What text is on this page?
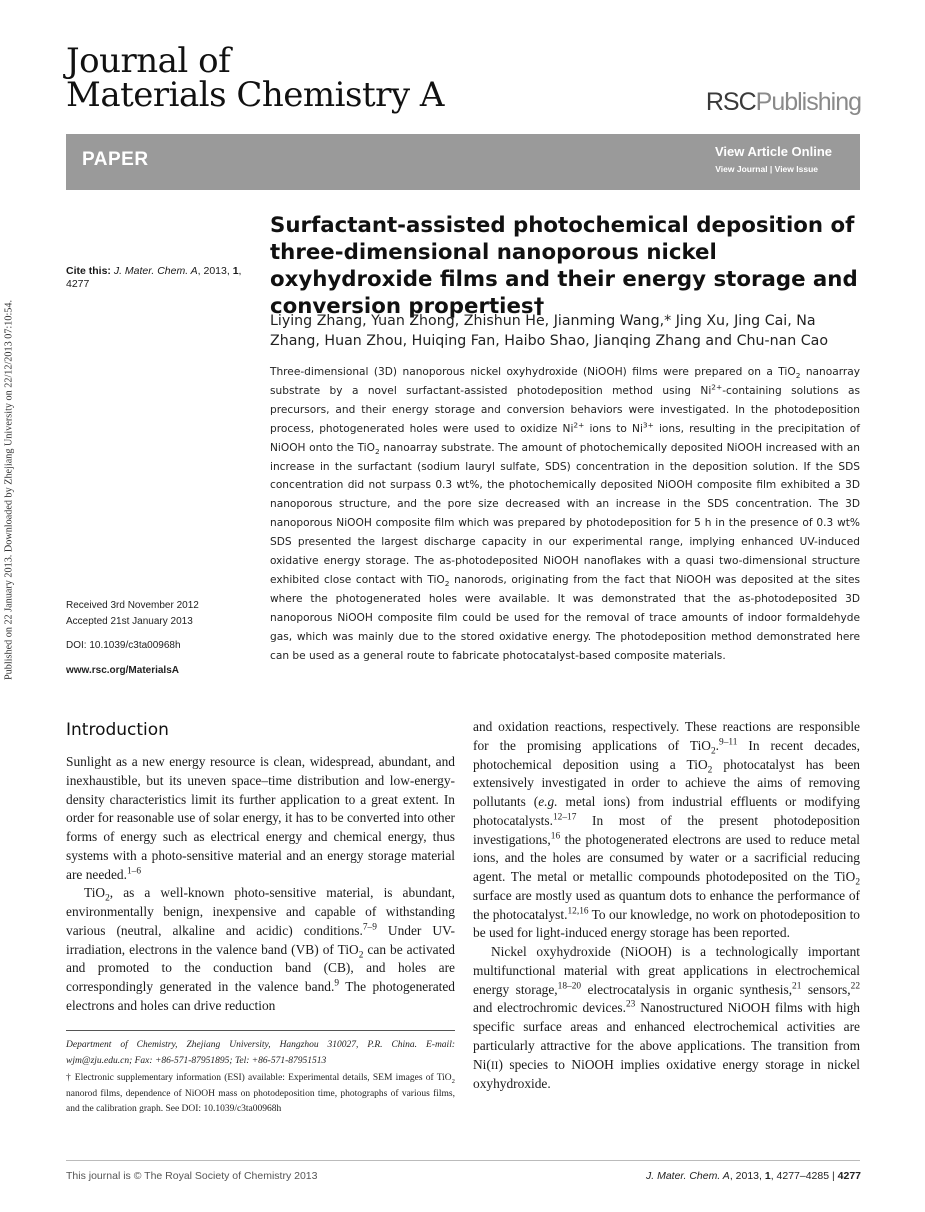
Published on 22 January 2013. Downloaded by Zhejiang University on 22/12/2013 07:10:54.
Journal of
Materials Chemistry A	RSCPublishing
PAPER	View Article Online
View Journal | View Issue
Cite this: J. Mater. Chem. A, 2013, 1, 4277
Surfactant-assisted photochemical deposition of three-dimensional nanoporous nickel oxyhydroxide films and their energy storage and conversion properties†
Liying Zhang, Yuan Zhong, Zhishun He, Jianming Wang,* Jing Xu, Jing Cai, Na Zhang, Huan Zhou, Huiqing Fan, Haibo Shao, Jianqing Zhang and Chu-nan Cao
Three-dimensional (3D) nanoporous nickel oxyhydroxide (NiOOH) films were prepared on a TiO$_2$ nanoarray substrate by a novel surfactant-assisted photodeposition method using $Ni^{2+}$-containing solutions as precursors, and their energy storage and conversion behaviors were investigated. In the photodeposition process, photogenerated holes were used to oxidize $Ni^{2+}$ ions to $Ni^{3+}$ ions, resulting in the precipitation of NiOOH onto the TiO$_2$ nanoarray substrate. The amount of photochemically deposited NiOOH increased with an increase in the surfactant (sodium lauryl sulfate, SDS) concentration in the deposition solution. If the SDS concentration did not surpass 0.3 wt%, the photochemically deposited NiOOH composite film exhibited a 3D nanoporous structure, and the pore size decreased with an increase in the SDS concentration. The 3D nanoporous NiOOH composite film which was prepared by photodeposition for 5 h in the presence of 0.3 wt% SDS presented the largest discharge capacity in our experimental range, implying enhanced UV-induced oxidative energy storage. The as-photodeposited NiOOH nanoflakes with a quasi two-dimensional structure exhibited close contact with TiO$_2$ nanorods, originating from the fact that NiOOH was deposited at the sites where the photogenerated holes were available. It was demonstrated that the as-photodeposited 3D nanoporous NiOOH composite film could be used for the removal of trace amounts of indoor formaldehyde gas, which was mainly due to the stored oxidative energy. The photodeposition method demonstrated here can be used as a general route to fabricate photocatalyst-based composite materials.
Received 3rd November 2012
Accepted 21st January 2013
DOI: 10.1039/c3ta00968h
www.rsc.org/MaterialsA
Introduction

Sunlight as a new energy resource is clean, widespread, abundant, and inexhaustible, but its uneven space–time distribution and low-energy-density characteristics limit its further application to a great extent. In order for reasonable use of solar energy, it has to be converted into other forms of energy such as electrical energy and chemical energy, thus systems with a photo-sensitive material and an energy storage material are needed.$^{1-6}$

TiO$_2$, as a well-known photo-sensitive material, is abundant, environmentally benign, inexpensive and capable of withstanding various (neutral, alkaline and acidic) conditions.$^{7-9}$ Under UV-irradiation, electrons in the valence band (VB) of TiO$_2$ can be activated and promoted to the conduction band (CB), and holes are correspondingly generated in the valence band.$^9$ The photogenerated electrons and holes can drive reduction

and oxidation reactions, respectively. These reactions are responsible for the promising applications of TiO$_2$.$^{9-11}$ In recent decades, photochemical deposition using a TiO$_2$ photocatalyst has been extensively investigated in order to achieve the aims of removing pollutants (e.g. metal ions) from industrial effluents or modifying photocatalysts.$^{12-17}$ In most of the present photodeposition investigations,$^{16}$ the photogenerated electrons are used to reduce metal ions, and the holes are consumed by water or a sacrificial reducing agent. The metal or metallic compounds photodeposited on the TiO$_2$ surface are mostly used as quantum dots to enhance the performance of the photocatalyst.$^{12,16}$ To our knowledge, no work on photodeposition to be used for light-induced energy storage has been reported.

Nickel oxyhydroxide (NiOOH) is a technologically important multifunctional material with great applications in electrochemical energy storage,$^{18-20}$ electrocatalysis in organic synthesis,$^{21}$ sensors,$^{22}$ and electrochromic devices.$^{23}$ Nanostructured NiOOH films with high specific surface areas and enhanced electrochemical activities are particularly attractive for the above applications. The transition from Ni(II) species to NiOOH implies oxidative energy storage in nickel oxyhydroxide.

Department of Chemistry, Zhejiang University, Hangzhou 310027, P.R. China. E-mail: wjm@zju.edu.cn; Fax: +86-571-87951895; Tel: +86-571-87951513

† Electronic supplementary information (ESI) available: Experimental details, SEM images of TiO$_2$ nanorod films, dependence of NiOOH mass on photodeposition time, photographs of various films, and the calibration graph. See DOI: 10.1039/c3ta00968h

This journal is © The Royal Society of Chemistry 2013	J. Mater. Chem. A, 2013, 1, 4277–4285 | 4277
